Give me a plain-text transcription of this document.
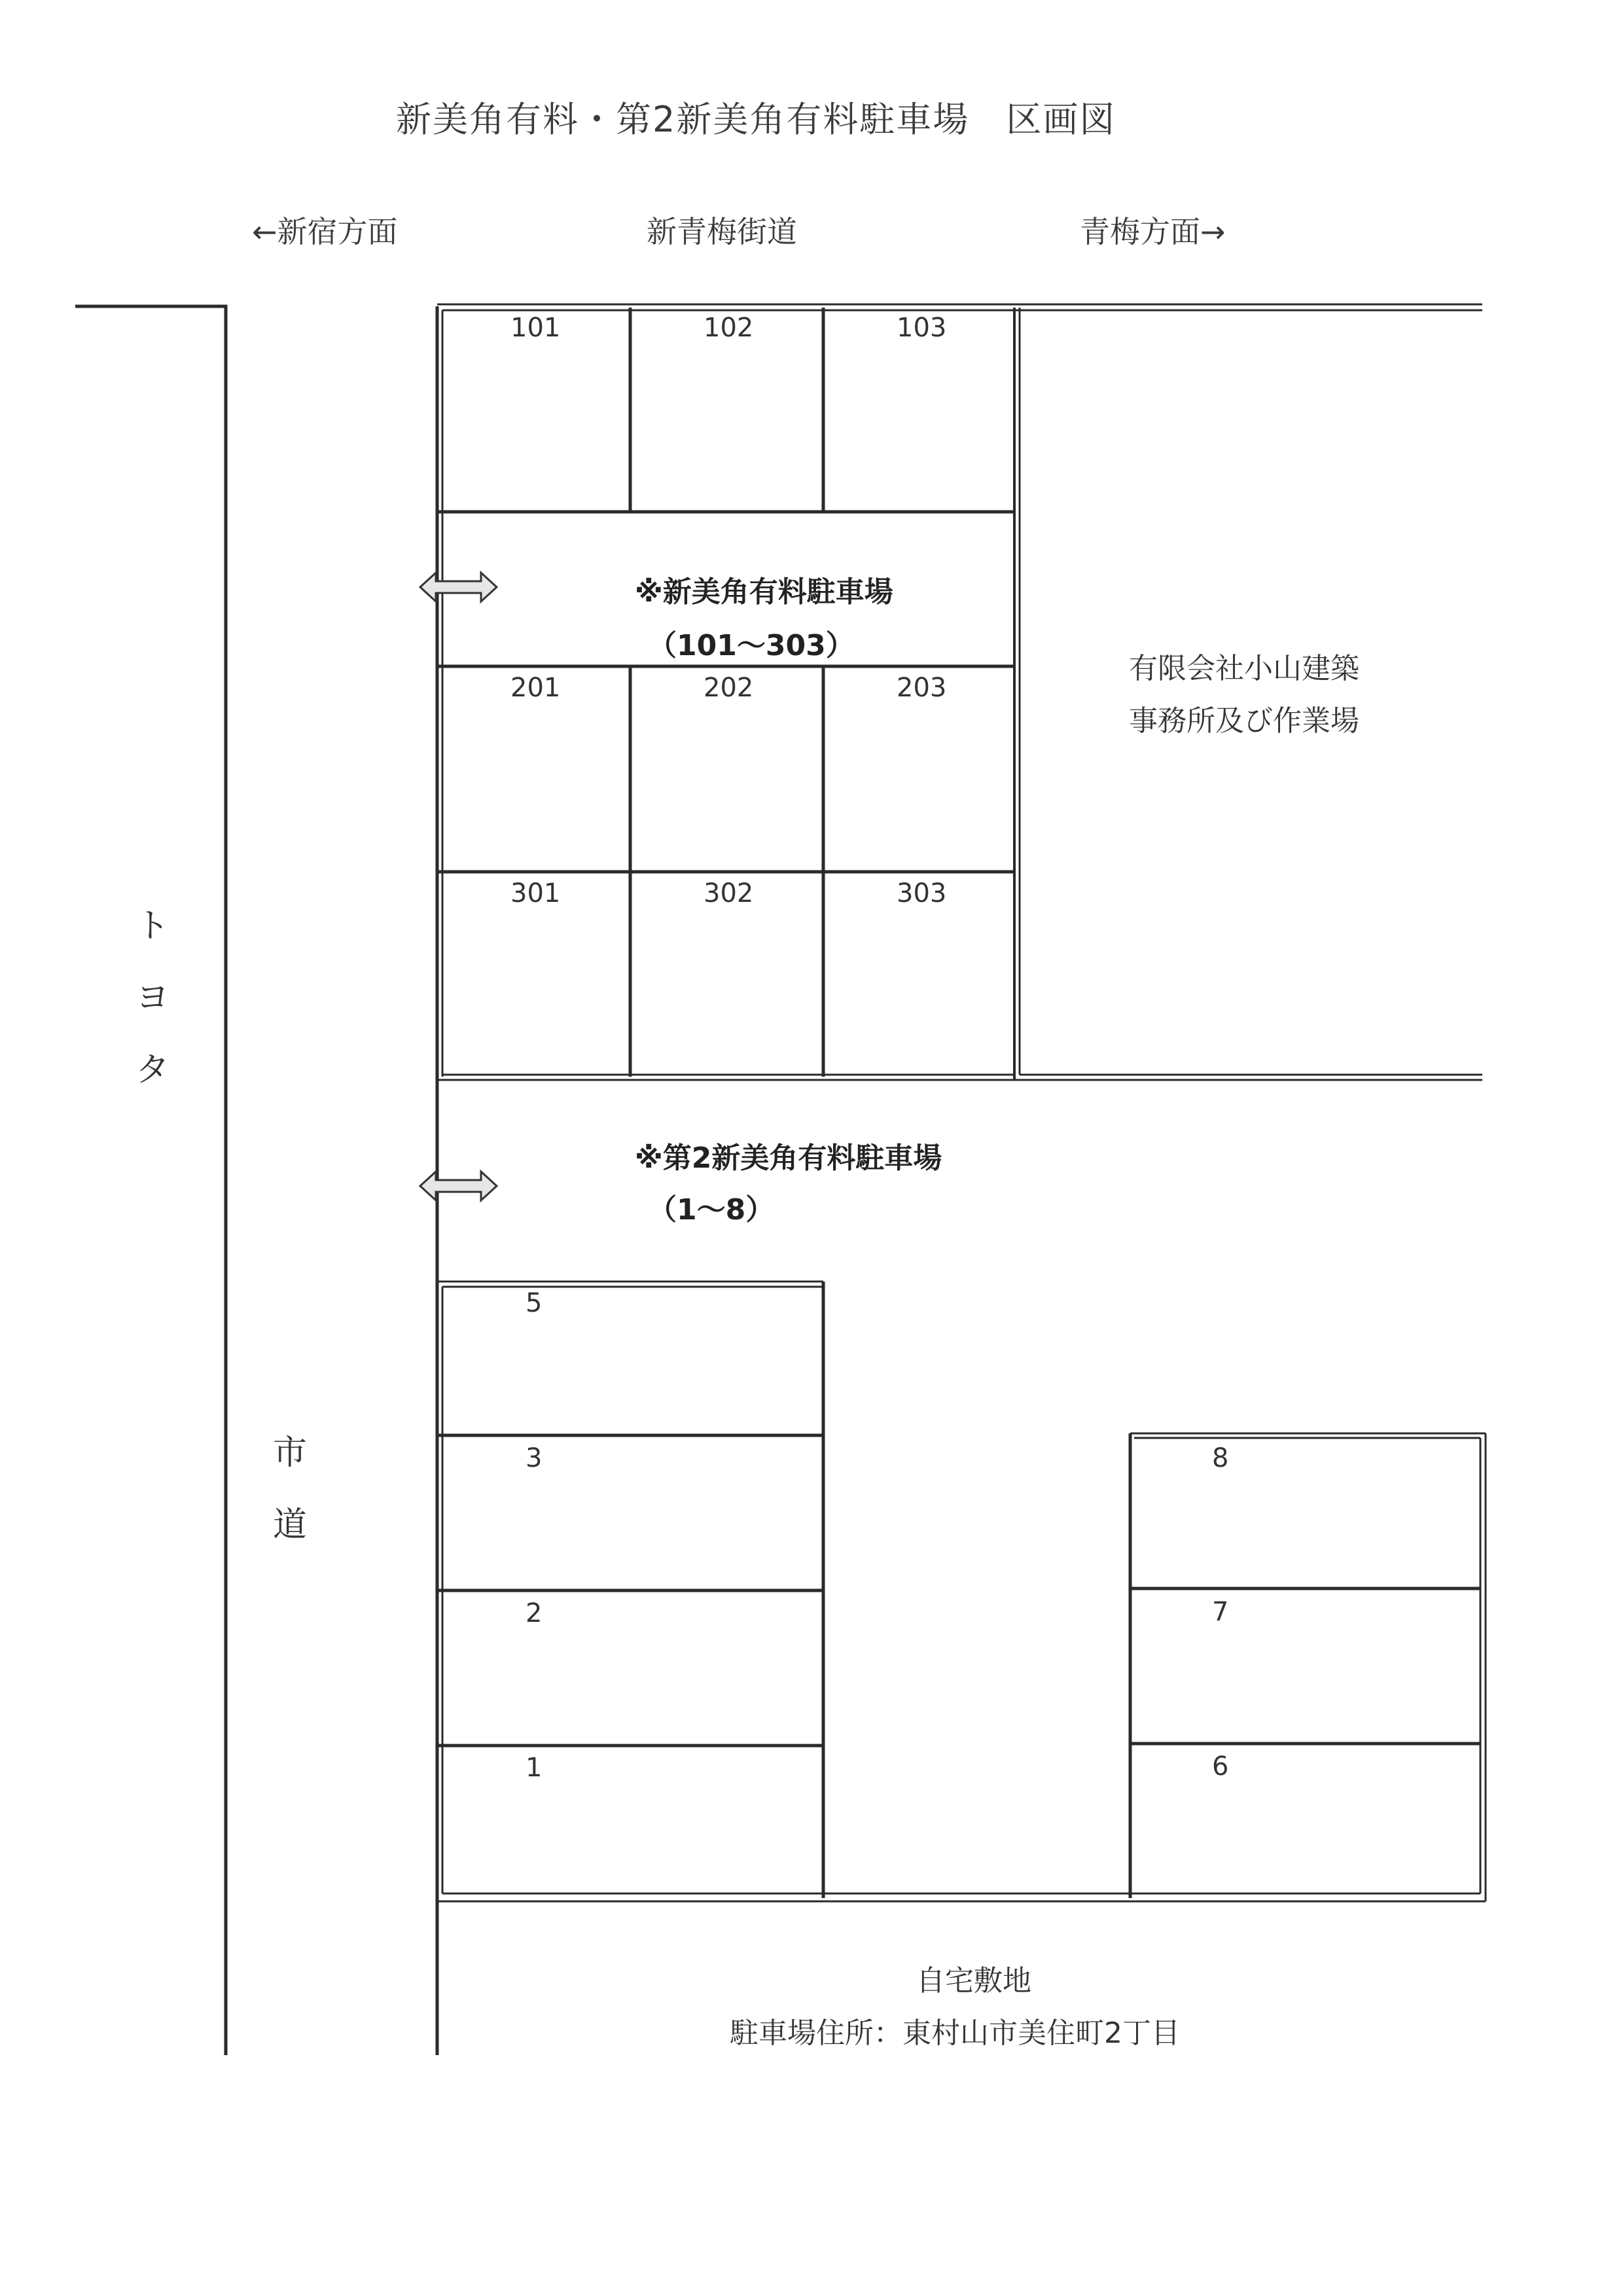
新美角有料・第2新美角有料駐車場　区画図
←新宿方面	新青梅街道	青梅方面→
ト
ヨ
タ
市
道
101	102	103
201	202	203
301	302	303
※新美角有料駐車場
（101～303）
有限会社小山建築
事務所及び作業場
※第2新美角有料駐車場
（1～8）
5
3
2
1
8
7
6
自宅敷地
駐車場住所：東村山市美住町2丁目
